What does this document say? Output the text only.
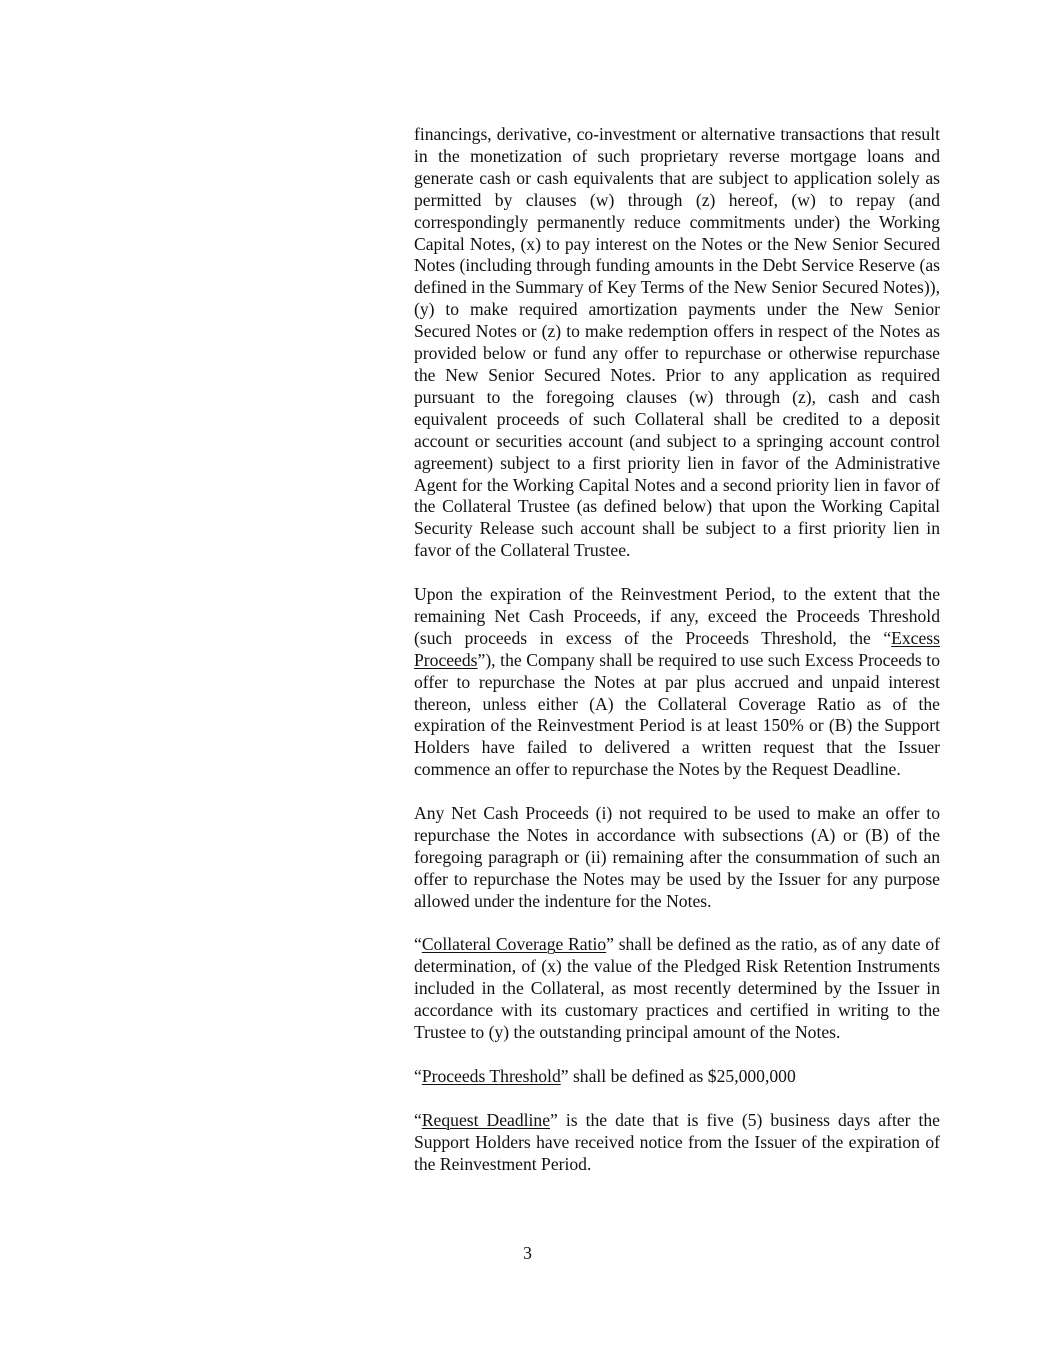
financings, derivative, co-investment or alternative transactions that result in the monetization of such proprietary reverse mortgage loans and generate cash or cash equivalents that are subject to application solely as permitted by clauses (w) through (z) hereof, (w) to repay (and correspondingly permanently reduce commitments under) the Working Capital Notes, (x) to pay interest on the Notes or the New Senior Secured Notes (including through funding amounts in the Debt Service Reserve (as defined in the Summary of Key Terms of the New Senior Secured Notes)), (y) to make required amortization payments under the New Senior Secured Notes or (z) to make redemption offers in respect of the Notes as provided below or fund any offer to repurchase or otherwise repurchase the New Senior Secured Notes. Prior to any application as required pursuant to the foregoing clauses (w) through (z), cash and cash equivalent proceeds of such Collateral shall be credited to a deposit account or securities account (and subject to a springing account control agreement) subject to a first priority lien in favor of the Administrative Agent for the Working Capital Notes and a second priority lien in favor of the Collateral Trustee (as defined below) that upon the Working Capital Security Release such account shall be subject to a first priority lien in favor of the Collateral Trustee.

Upon the expiration of the Reinvestment Period, to the extent that the remaining Net Cash Proceeds, if any, exceed the Proceeds Threshold (such proceeds in excess of the Proceeds Threshold, the “Excess Proceeds”), the Company shall be required to use such Excess Proceeds to offer to repurchase the Notes at par plus accrued and unpaid interest thereon, unless either (A) the Collateral Coverage Ratio as of the expiration of the Reinvestment Period is at least 150% or (B) the Support Holders have failed to delivered a written request that the Issuer commence an offer to repurchase the Notes by the Request Deadline.

Any Net Cash Proceeds (i) not required to be used to make an offer to repurchase the Notes in accordance with subsections (A) or (B) of the foregoing paragraph or (ii) remaining after the consummation of such an offer to repurchase the Notes may be used by the Issuer for any purpose allowed under the indenture for the Notes.

“Collateral Coverage Ratio” shall be defined as the ratio, as of any date of determination, of (x) the value of the Pledged Risk Retention Instruments included in the Collateral, as most recently determined by the Issuer in accordance with its customary practices and certified in writing to the Trustee to (y) the outstanding principal amount of the Notes.

“Proceeds Threshold” shall be defined as $25,000,000

“Request Deadline” is the date that is five (5) business days after the Support Holders have received notice from the Issuer of the expiration of the Reinvestment Period.

3
